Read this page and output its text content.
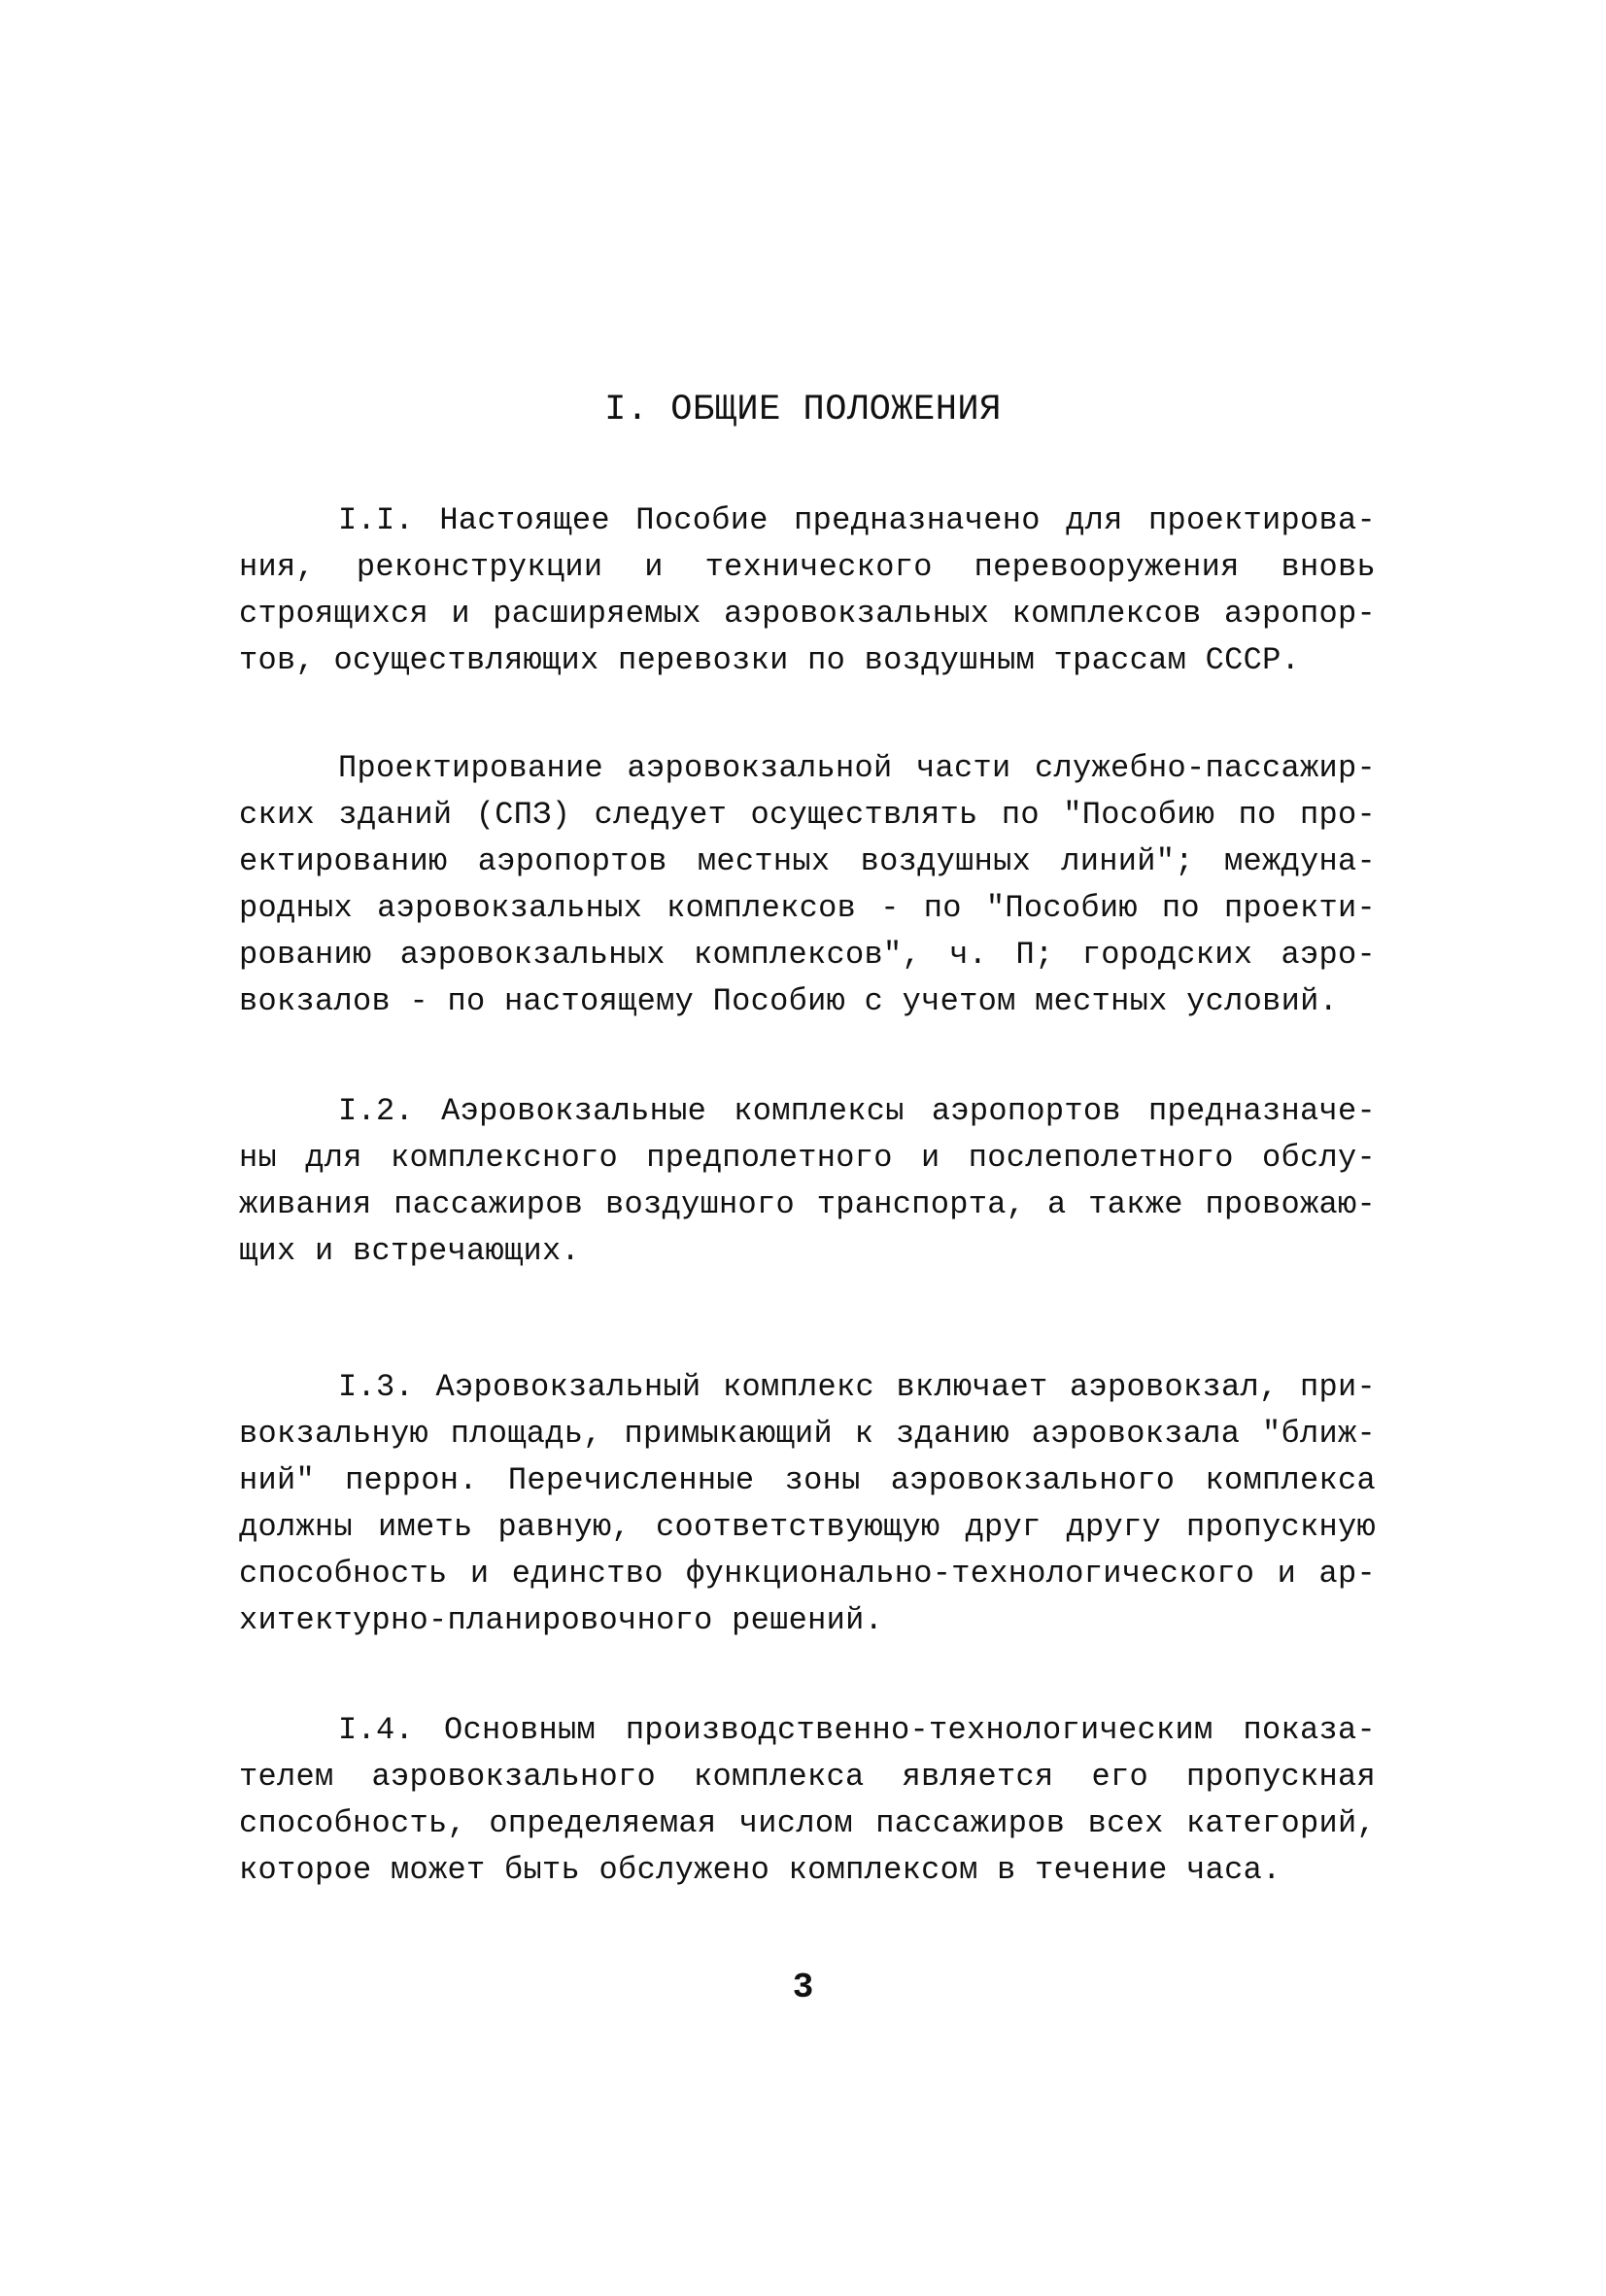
I. ОБЩИЕ ПОЛОЖЕНИЯ
I.I. Настоящее Пособие предназначено для проектирова-
ния, реконструкции и технического перевооружения вновь
строящихся и расширяемых аэровокзальных комплексов аэропор-
тов, осуществляющих перевозки по воздушным трассам СССР.
Проектирование аэровокзальной части служебно-пассажир-
ских зданий (СПЗ) следует осуществлять по "Пособию по про-
ектированию аэропортов местных воздушных линий"; междуна-
родных аэровокзальных комплексов - по "Пособию по проекти-
рованию аэровокзальных комплексов", ч. П; городских аэро-
вокзалов - по настоящему Пособию с учетом местных условий.
I.2. Аэровокзальные комплексы аэропортов предназначе-
ны для комплексного предполетного и послеполетного обслу-
живания пассажиров воздушного транспорта, а также провожаю-
щих и встречающих.
I.3. Аэровокзальный комплекс включает аэровокзал, при-
вокзальную площадь, примыкающий к зданию аэровокзала "ближ-
ний" перрон. Перечисленные зоны аэровокзального комплекса
должны иметь равную, соответствующую друг другу пропускную
способность и единство функционально-технологического и ар-
хитектурно-планировочного решений.
I.4. Основным производственно-технологическим показа-
телем аэровокзального комплекса является его пропускная
способность, определяемая числом пассажиров всех категорий,
которое может быть обслужено комплексом в течение часа.
3
